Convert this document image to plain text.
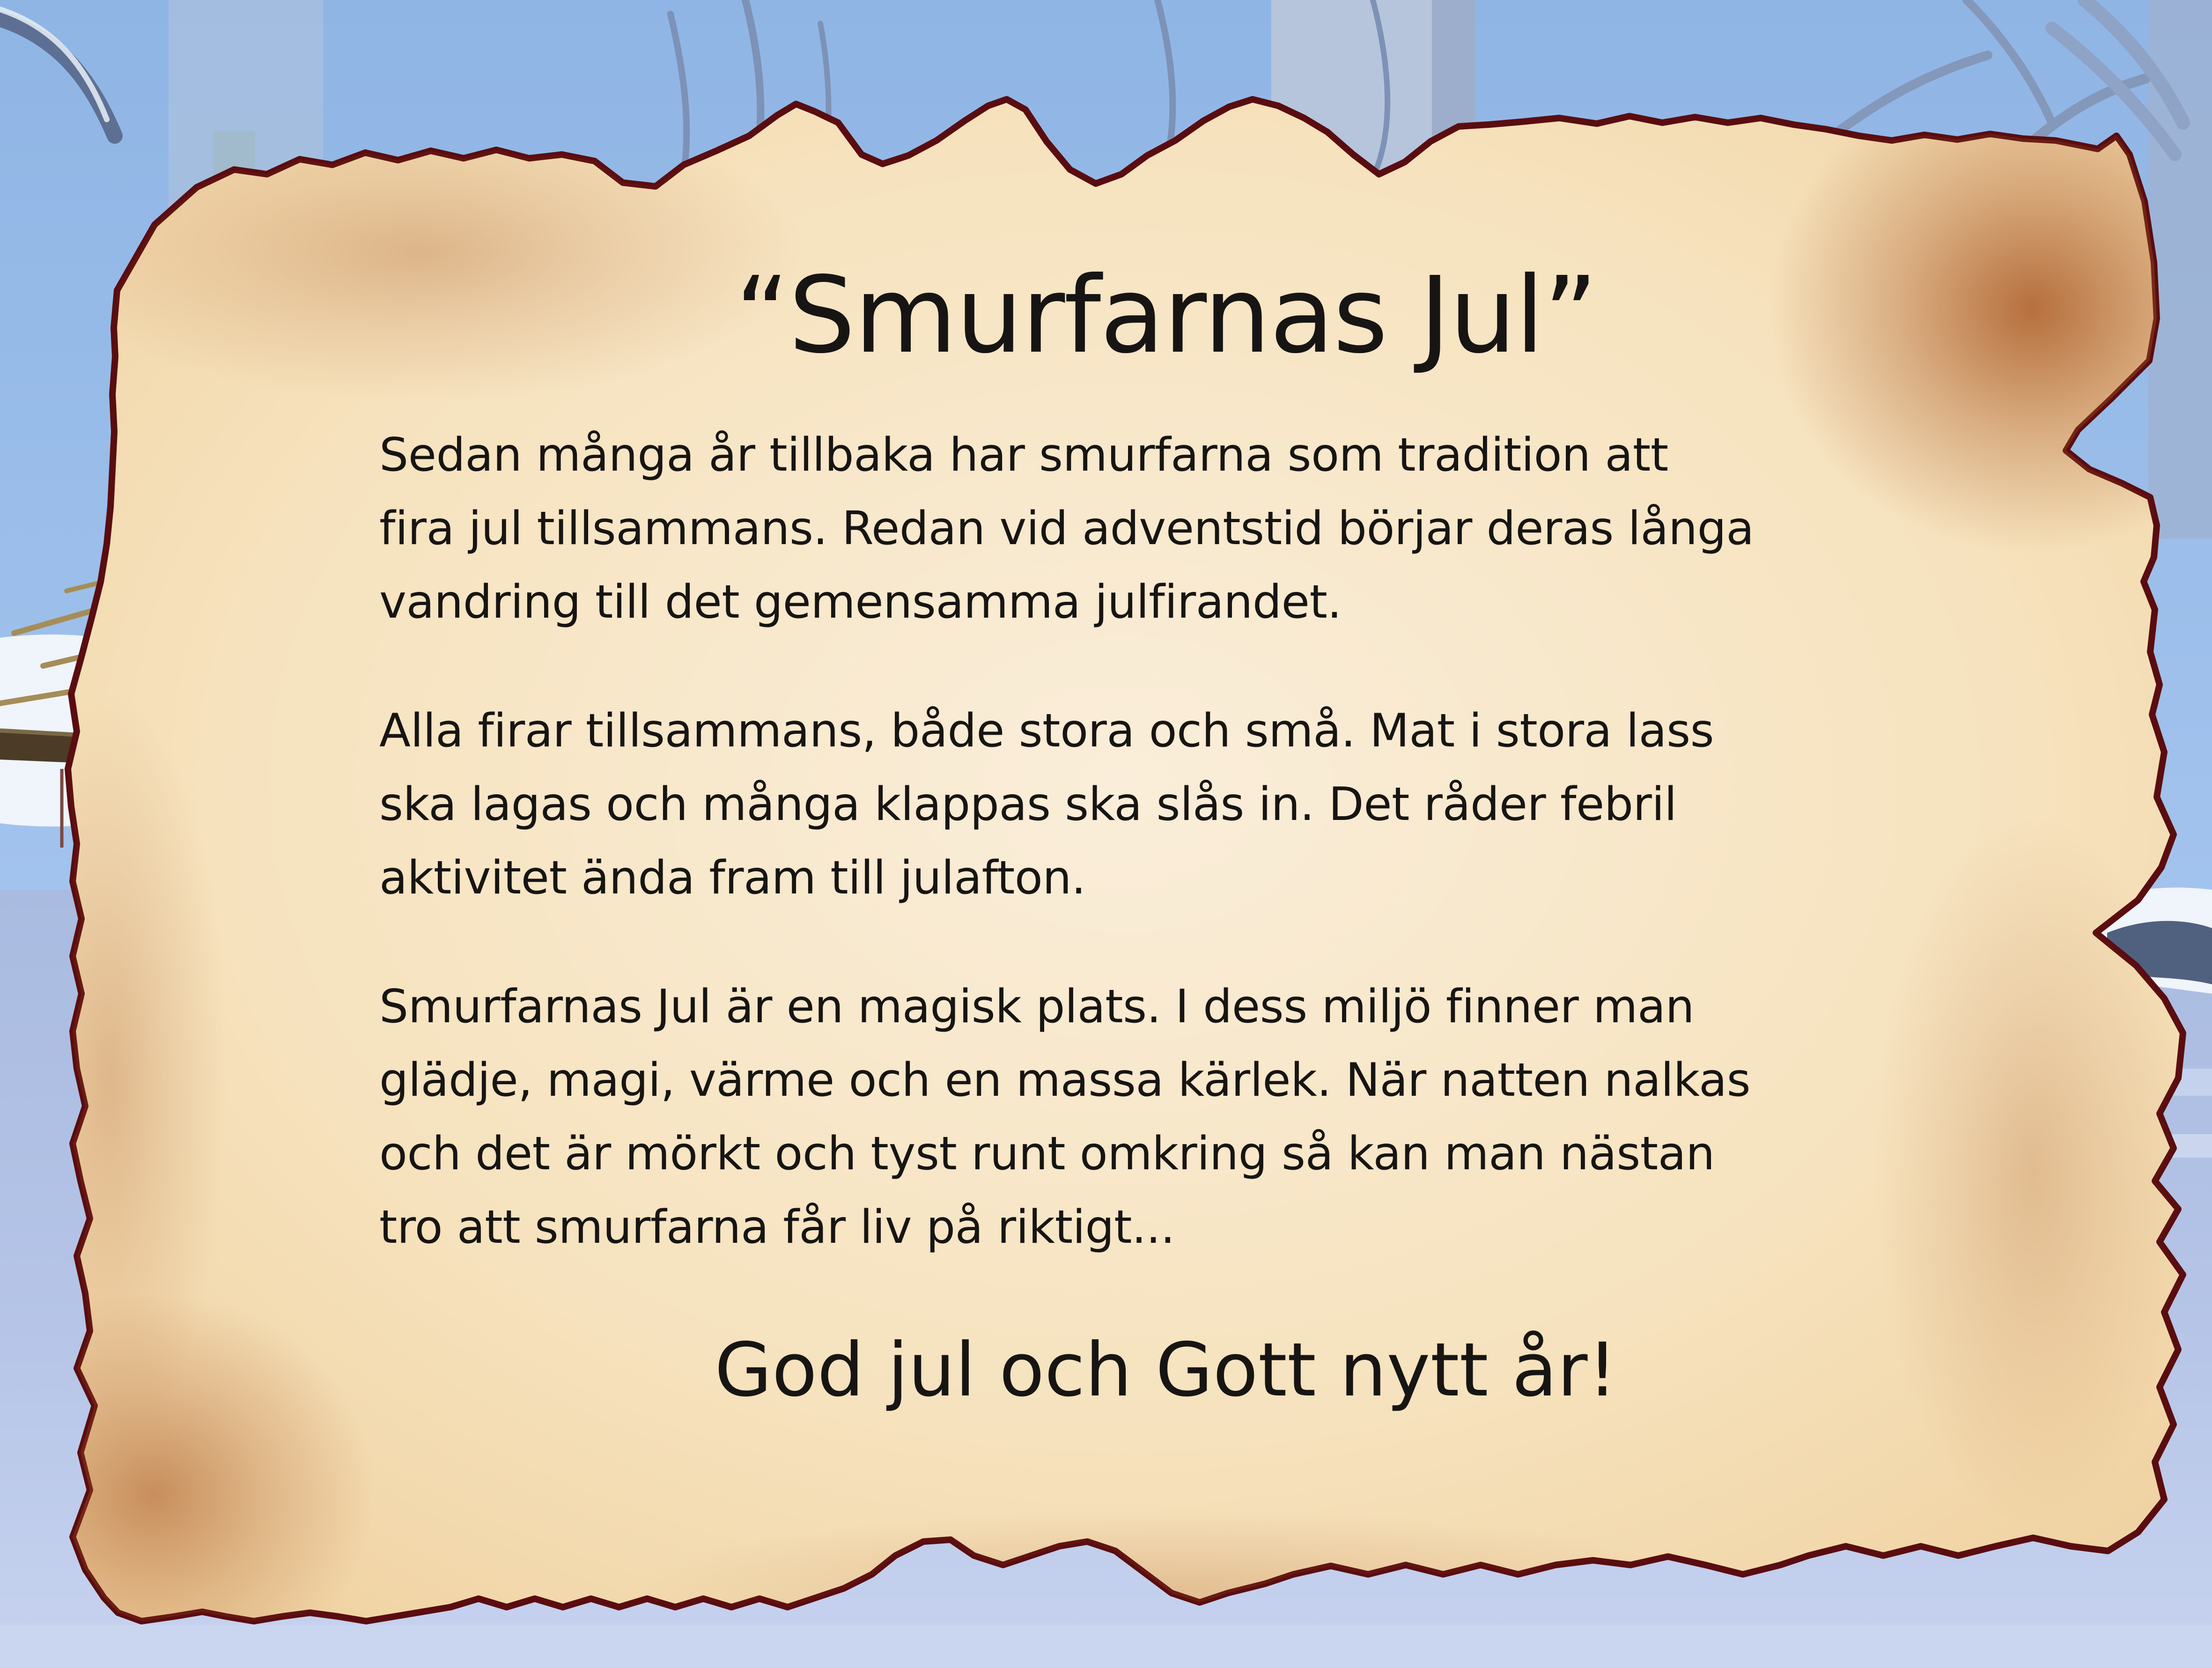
“Smurfarnas Jul”
Sedan många år tillbaka har smurfarna som tradition att
fira jul tillsammans. Redan vid adventstid börjar deras långa
vandring till det gemensamma julfirandet.
Alla firar tillsammans, både stora och små. Mat i stora lass
ska lagas och många klappas ska slås in. Det råder febril
aktivitet ända fram till julafton.
Smurfarnas Jul är en magisk plats. I dess miljö finner man
glädje, magi, värme och en massa kärlek. När natten nalkas
och det är mörkt och tyst runt omkring så kan man nästan
tro att smurfarna får liv på riktigt...
God jul och Gott nytt år!
